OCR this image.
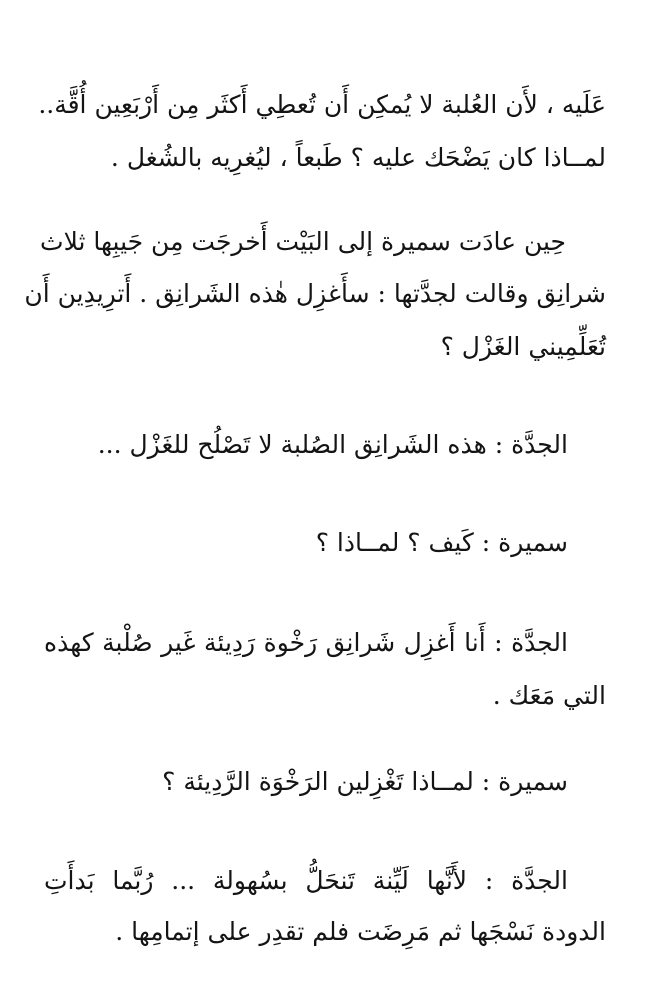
عَلَيه ، لأَن العُلبة لا يُمكِن أَن تُعطِي أَكثَر مِن أَرْبَعِين أُقَّة..
لمــاذا كان يَضْحَك عليه ؟ طَبعاً ، ليُغرِيه بالشُغل .
حِين عادَت سميرة إلى البَيْت أَخرجَت مِن جَيبِها ثلاث
شرانِق وقالت لجدَّتها : سأَغزِل هٰذه الشَرانِق . أَترِيدِين أَن
تُعَلِّمِيني الغَزْل ؟
الجدَّة : هذه الشَرانِق الصُلبة لا تَصْلُح للغَزْل ...
سميرة : كَيف ؟ لمــاذا ؟
الجدَّة : أَنا أَغزِل شَرانِق رَخْوة رَدِيئة غَير صُلْبة كهذه
التي مَعَك .
سميرة : لمــاذا تَغْزِلين الرَخْوَة الرَّدِيئة ؟
الجدَّة : لأَنَّها لَيِّنة تَنحَلُّ بسُهولة ... رُبَّما بَدأَتِ
الدودة نَسْجَها ثم مَرِضَت فلم تقدِر على إتمامِها .
